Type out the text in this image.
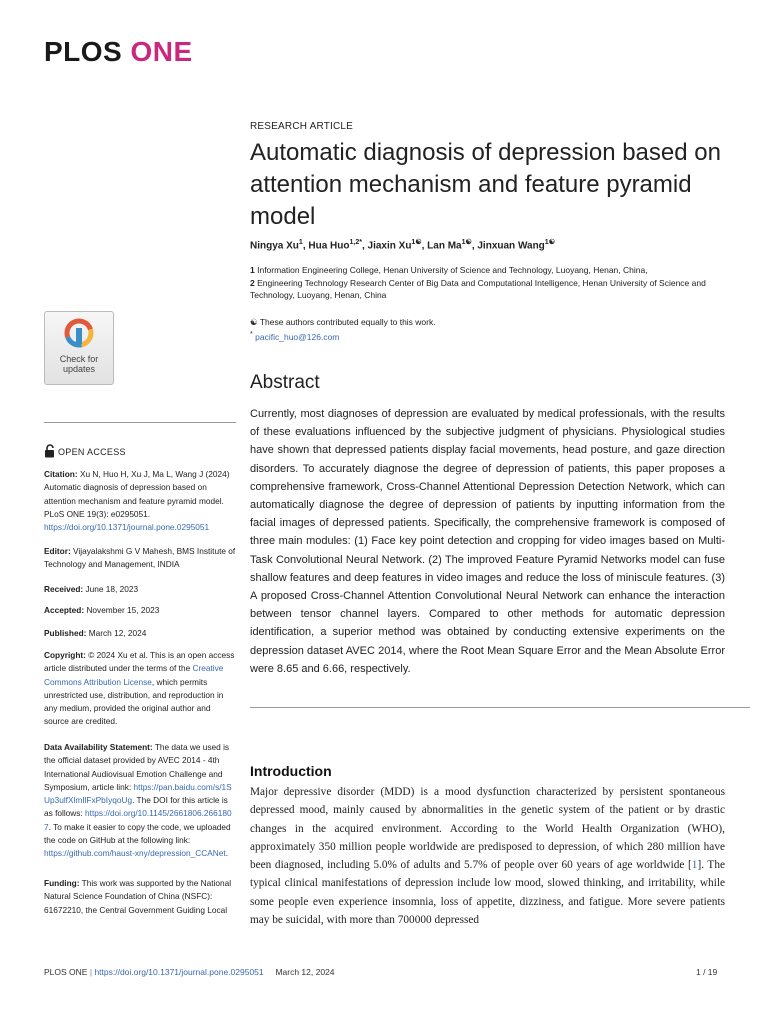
PLOS ONE
RESEARCH ARTICLE
Automatic diagnosis of depression based on attention mechanism and feature pyramid model
Ningya Xu$^1$, Hua Huo$^{1,2*}$, Jiaxin $Xu^{1☯}$, Lan $Ma^{1☯}$, Jinxuan Wang$^{1☯}$
1 Information Engineering College, Henan University of Science and Technology, Luoyang, Henan, China,
2 Engineering Technology Research Center of Big Data and Computational Intelligence, Henan University of Science and Technology, Luoyang, Henan, China
☯ These authors contributed equally to this work.
* pacific_huo@126.com
Check for
updates
OPEN ACCESS
Citation: Xu N, Huo H, Xu J, Ma L, Wang J (2024) Automatic diagnosis of depression based on attention mechanism and feature pyramid model. PLoS ONE 19(3): e0295051. https://doi.org/10.1371/journal.pone.0295051
Editor: Vijayalakshmi G V Mahesh, BMS Institute of Technology and Management, INDIA
Received: June 18, 2023
Accepted: November 15, 2023
Published: March 12, 2024
Copyright: © 2024 Xu et al. This is an open access article distributed under the terms of the Creative Commons Attribution License, which permits unrestricted use, distribution, and reproduction in any medium, provided the original author and source are credited.
Data Availability Statement: The data we used is the official dataset provided by AVEC 2014 - 4th International Audiovisual Emotion Challenge and Symposium, article link: https://pan.baidu.com/s/1SUp3ulfXlmIlFxPbIyqoUg. The DOI for this article is as follows: https://doi.org/10.1145/2661806.2661807. To make it easier to copy the code, we uploaded the code on GitHub at the following link: https://github.com/haust-xny/depression_CCANet.
Funding: This work was supported by the National Natural Science Foundation of China (NSFC): 61672210, the Central Government Guiding Local
Abstract
Currently, most diagnoses of depression are evaluated by medical professionals, with the results of these evaluations influenced by the subjective judgment of physicians. Physiological studies have shown that depressed patients display facial movements, head posture, and gaze direction disorders. To accurately diagnose the degree of depression of patients, this paper proposes a comprehensive framework, Cross-Channel Attentional Depression Detection Network, which can automatically diagnose the degree of depression of patients by inputting information from the facial images of depressed patients. Specifically, the comprehensive framework is composed of three main modules: (1) Face key point detection and cropping for video images based on Multi-Task Convolutional Neural Network. (2) The improved Feature Pyramid Networks model can fuse shallow features and deep features in video images and reduce the loss of miniscule features. (3) A proposed Cross-Channel Attention Convolutional Neural Network can enhance the interaction between tensor channel layers. Compared to other methods for automatic depression identification, a superior method was obtained by conducting extensive experiments on the depression dataset AVEC 2014, where the Root Mean Square Error and the Mean Absolute Error were 8.65 and 6.66, respectively.
Introduction
Major depressive disorder (MDD) is a mood dysfunction characterized by persistent spontaneous depressed mood, mainly caused by abnormalities in the genetic system of the patient or by drastic changes in the acquired environment. According to the World Health Organization (WHO), approximately 350 million people worldwide are predisposed to depression, of which 280 million have been diagnosed, including 5.0% of adults and 5.7% of people over 60 years of age worldwide [1]. The typical clinical manifestations of depression include low mood, slowed thinking, and irritability, while some people even experience insomnia, loss of appetite, dizziness, and fatigue. More severe patients may be suicidal, with more than 700000 depressed
PLOS ONE | https://doi.org/10.1371/journal.pone.0295051 March 12, 2024	1 / 19
